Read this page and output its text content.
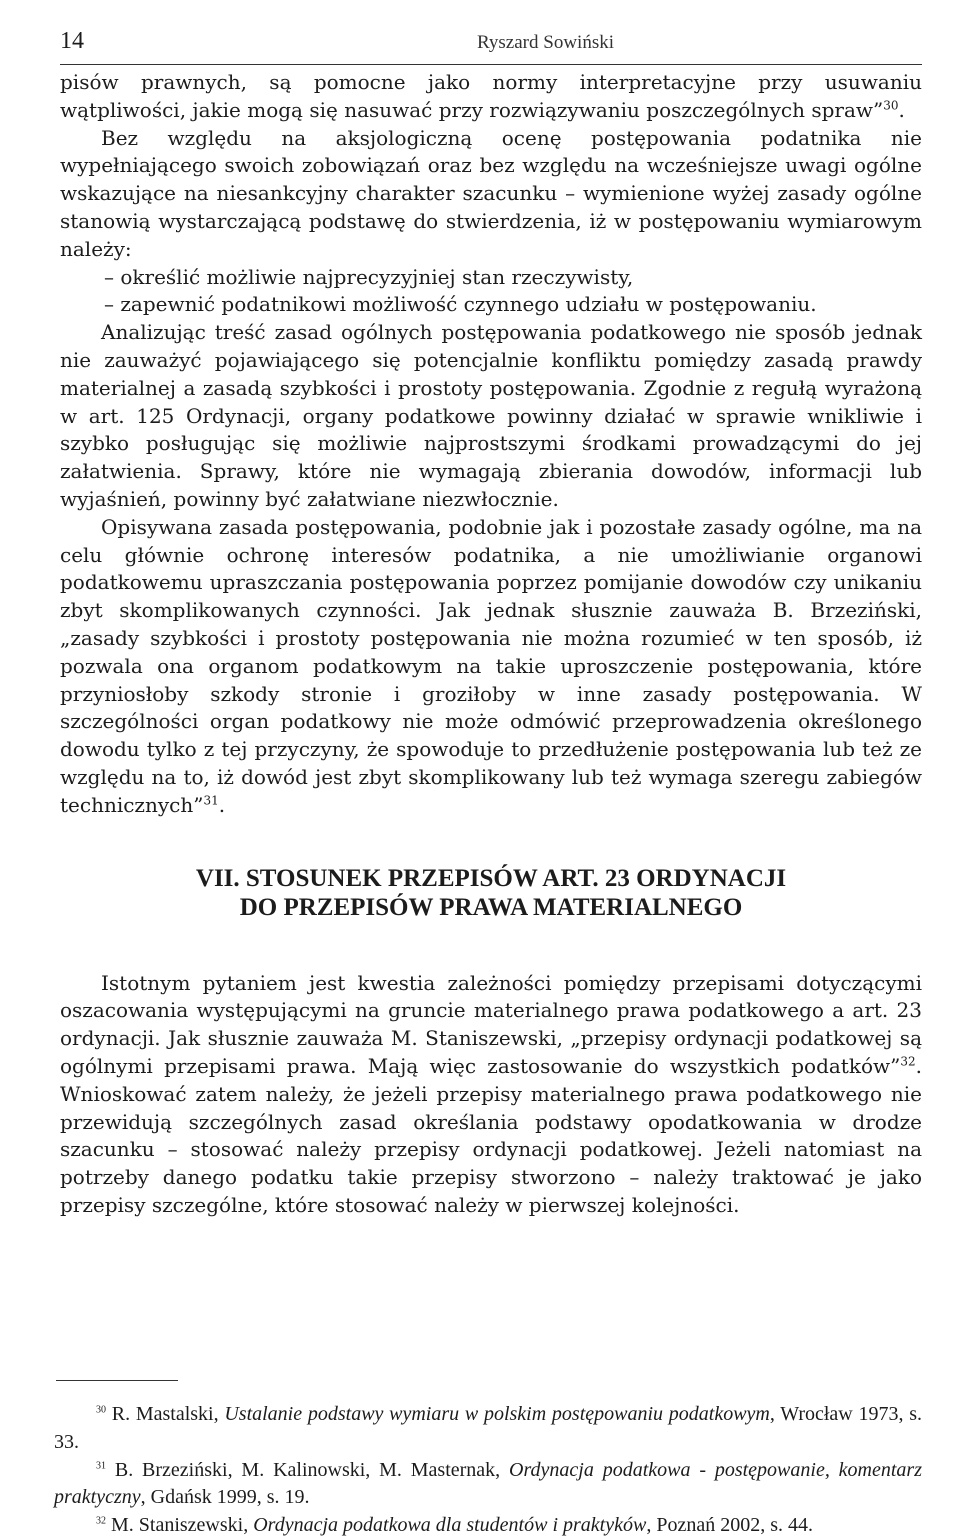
14	Ryszard Sowiński

pisów prawnych, są pomocne jako normy interpretacyjne przy usuwaniu wątpliwości, jakie mogą się nasuwać przy rozwiązywaniu poszczególnych spraw”$^{30}$.

Bez względu na aksjologiczną ocenę postępowania podatnika nie wypełniającego swoich zobowiązań oraz bez względu na wcześniejsze uwagi ogólne wskazujące na niesankcyjny charakter szacunku – wymienione wyżej zasady ogólne stanowią wystarczającą podstawę do stwierdzenia, iż w postępowaniu wymiarowym należy:

– określić możliwie najprecyzyjniej stan rzeczywisty,
– zapewnić podatnikowi możliwość czynnego udziału w postępowaniu.

Analizując treść zasad ogólnych postępowania podatkowego nie sposób jednak nie zauważyć pojawiającego się potencjalnie konfliktu pomiędzy zasadą prawdy materialnej a zasadą szybkości i prostoty postępowania. Zgodnie z regułą wyrażoną w art. 125 Ordynacji, organy podatkowe powinny działać w sprawie wnikliwie i szybko posługując się możliwie najprostszymi środkami prowadzącymi do jej załatwienia. Sprawy, które nie wymagają zbierania dowodów, informacji lub wyjaśnień, powinny być załatwiane niezwłocznie.

Opisywana zasada postępowania, podobnie jak i pozostałe zasady ogólne, ma na celu głównie ochronę interesów podatnika, a nie umożliwianie organowi podatkowemu upraszczania postępowania poprzez pomijanie dowodów czy unikaniu zbyt skomplikowanych czynności. Jak jednak słusznie zauważa B. Brzeziński, „zasady szybkości i prostoty postępowania nie można rozumieć w ten sposób, iż pozwala ona organom podatkowym na takie uproszczenie postępowania, które przyniosłoby szkody stronie i groziłoby w inne zasady postępowania. W szczególności organ podatkowy nie może odmówić przeprowadzenia określonego dowodu tylko z tej przyczyny, że spowoduje to przedłużenie postępowania lub też ze względu na to, iż dowód jest zbyt skomplikowany lub też wymaga szeregu zabiegów technicznych”$^{31}$.

VII. STOSUNEK PRZEPISÓW ART. 23 ORDYNACJI
DO PRZEPISÓW PRAWA MATERIALNEGO

Istotnym pytaniem jest kwestia zależności pomiędzy przepisami dotyczącymi oszacowania występującymi na gruncie materialnego prawa podatkowego a art. 23 ordynacji. Jak słusznie zauważa M. Staniszewski, „przepisy ordynacji podatkowej są ogólnymi przepisami prawa. Mają więc zastosowanie do wszystkich podatków”$^{32}$. Wnioskować zatem należy, że jeżeli przepisy materialnego prawa podatkowego nie przewidują szczególnych zasad określania podstawy opodatkowania w drodze szacunku – stosować należy przepisy ordynacji podatkowej. Jeżeli natomiast na potrzeby danego podatku takie przepisy stworzono – należy traktować je jako przepisy szczególne, które stosować należy w pierwszej kolejności.

$^{30}$ R. Mastalski, Ustalanie podstawy wymiaru w polskim postępowaniu podatkowym, Wrocław 1973, s. 33.

$^{31}$ B. Brzeziński, M. Kalinowski, M. Masternak, Ordynacja podatkowa - postępowanie, komentarz praktyczny, Gdańsk 1999, s. 19.

$^{32}$ M. Staniszewski, Ordynacja podatkowa dla studentów i praktyków, Poznań 2002, s. 44.
